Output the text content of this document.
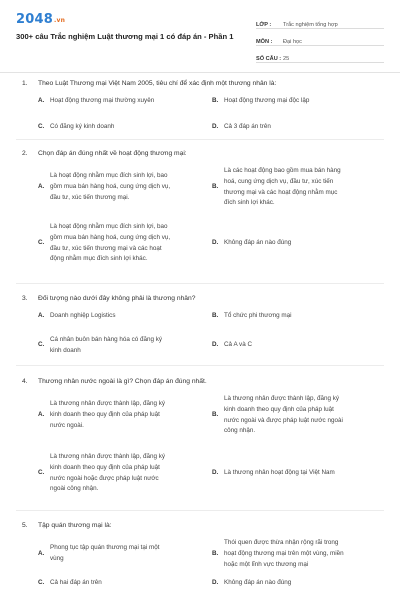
2048.vn
300+ câu Trắc nghiệm Luật thương mại 1 có đáp án - Phần 1
LỚP :	Trắc nghiệm tổng hợp
MÔN :	Đại học
SỐ CÂU : 25
1. Theo Luật Thương mại Việt Nam 2005, tiêu chí để xác định một thương nhân là:
A. Hoạt động thương mại thường xuyên	B. Hoạt động thương mại độc lập
C. Có đăng ký kinh doanh	D. Cả 3 đáp án trên
2. Chọn đáp án đúng nhất về hoạt động thương mại:
A.
Là hoạt động nhằm mục đích sinh lợi, bao
gồm mua bán hàng hoá, cung ứng dịch vụ,
đầu tư, xúc tiến thương mại.
B.
Là các hoạt động bao gồm mua bán hàng
hoá, cung ứng dịch vụ, đầu tư, xúc tiến
thương mại và các hoạt động nhằm mục
đích sinh lợi khác.
C.
Là hoạt động nhằm mục đích sinh lợi, bao
gồm mua bán hàng hoá, cung ứng dịch vụ,
đầu tư, xúc tiến thương mại và các hoạt
động nhằm mục đích sinh lợi khác.
D. Không đáp án nào đúng
3. Đối tượng nào dưới đây không phải là thương nhân?
A. Doanh nghiệp Logistics	B. Tổ chức phi thương mại
C.
Cá nhân buôn bán hàng hóa có đăng ký
kinh doanh
D. Cả A và C
4. Thương nhân nước ngoài là gì? Chọn đáp án đúng nhất.
A.
Là thương nhân được thành lập, đăng ký
kinh doanh theo quy định của pháp luật
nước ngoài.
B.
Là thương nhân được thành lập, đăng ký
kinh doanh theo quy định của pháp luật
nước ngoài và được pháp luật nước ngoài
công nhận.
C.
Là thương nhân được thành lập, đăng ký
kinh doanh theo quy định của pháp luật
nước ngoài hoặc được pháp luật nước
ngoài công nhận.
D. Là thương nhân hoạt động tại Việt Nam
5. Tập quán thương mại là:
A.
Phong tục tập quán thương mại tại một
vùng
B.
Thói quen được thừa nhận rộng rãi trong
hoạt động thương mại trên một vùng, miền
hoặc một lĩnh vực thương mại
C. Cả hai đáp án trên	D. Không đáp án nào đúng
